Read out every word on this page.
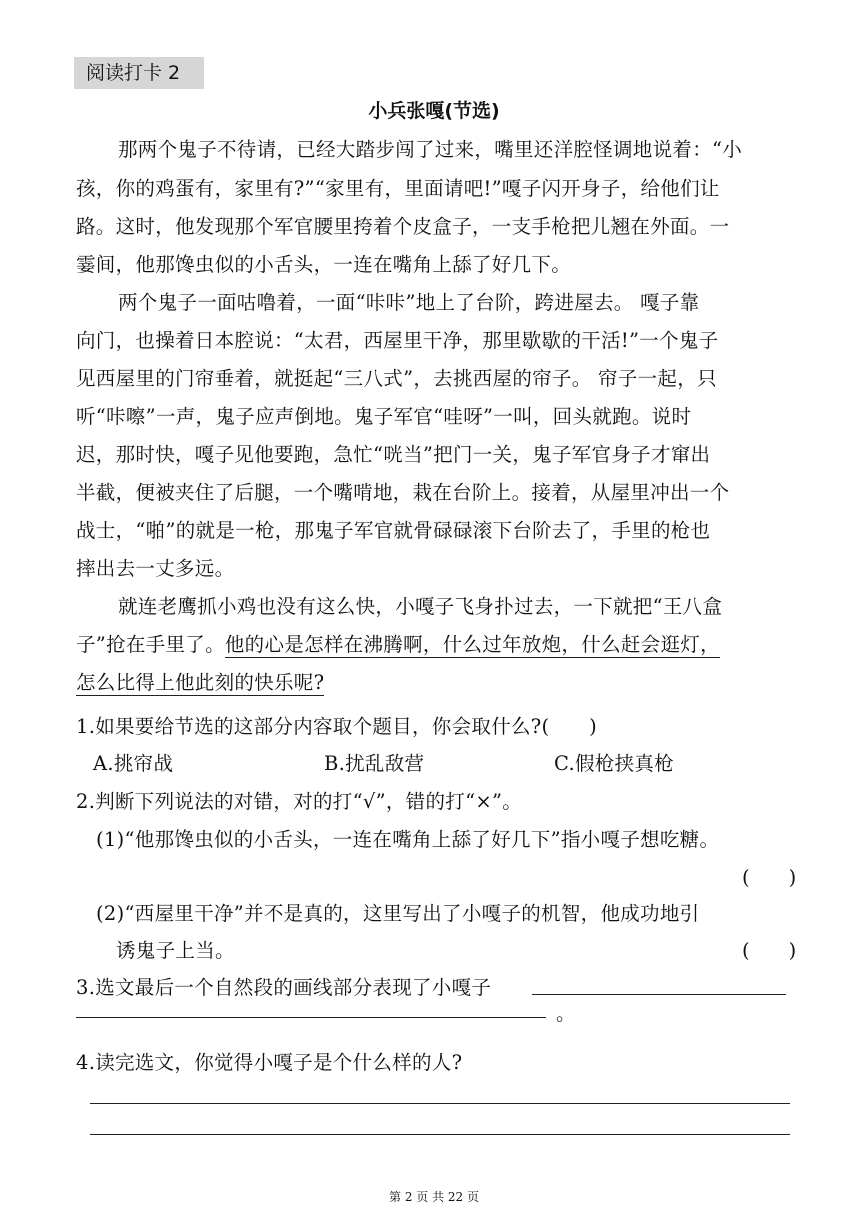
阅读打卡 2
小兵张嘎(节选)
那两个鬼子不待请，已经大踏步闯了过来，嘴里还洋腔怪调地说着：“小
孩，你的鸡蛋有，家里有?”“家里有，里面请吧!”嘎子闪开身子，给他们让
路。这时，他发现那个军官腰里挎着个皮盒子，一支手枪把儿翘在外面。一
霎间，他那馋虫似的小舌头，一连在嘴角上舔了好几下。
两个鬼子一面咕噜着，一面“咔咔”地上了台阶，跨进屋去。 嘎子靠
向门，也操着日本腔说：“太君，西屋里干净，那里歇歇的干活!”一个鬼子
见西屋里的门帘垂着，就挺起“三八式”，去挑西屋的帘子。 帘子一起，只
听“咔嚓”一声，鬼子应声倒地。鬼子军官“哇呀”一叫，回头就跑。说时
迟，那时快，嘎子见他要跑，急忙“咣当”把门一关，鬼子军官身子才窜出
半截，便被夹住了后腿，一个嘴啃地，栽在台阶上。接着，从屋里冲出一个
战士，“啪”的就是一枪，那鬼子军官就骨碌碌滚下台阶去了，手里的枪也
摔出去一丈多远。
就连老鹰抓小鸡也没有这么快，小嘎子飞身扑过去，一下就把“王八盒
子”抢在手里了。他的心是怎样在沸腾啊，什么过年放炮，什么赶会逛灯，
怎么比得上他此刻的快乐呢?
1.如果要给节选的这部分内容取个题目，你会取什么?(　　)
A.挑帘战	B.扰乱敌营	C.假枪挟真枪
2.判断下列说法的对错，对的打“√”，错的打“×”。
(1)“他那馋虫似的小舌头，一连在嘴角上舔了好几下”指小嘎子想吃糖。
(　　)
(2)“西屋里干净”并不是真的，这里写出了小嘎子的机智，他成功地引
诱鬼子上当。	(　　)
3.选文最后一个自然段的画线部分表现了小嘎子
。
4.读完选文，你觉得小嘎子是个什么样的人?
第 2 页 共 22 页
